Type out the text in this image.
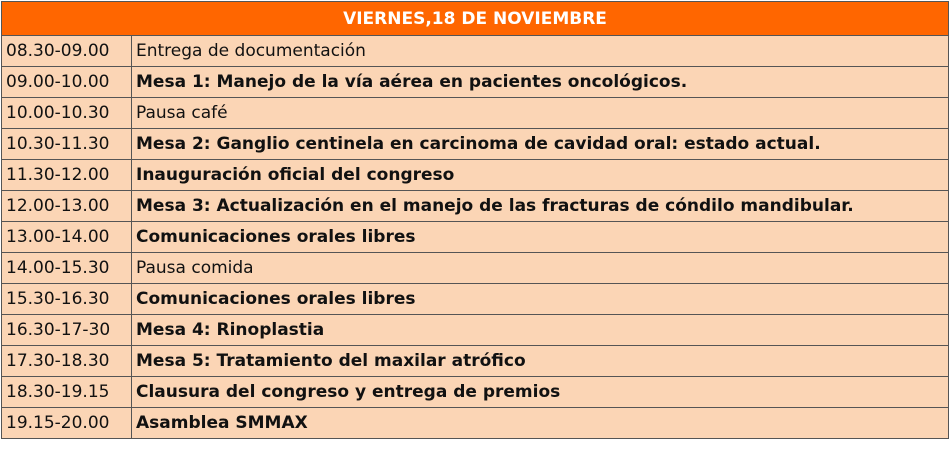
VIERNES,18 DE NOVIEMBRE	
08.30-09.00	Entrega de documentación
09.00-10.00	Mesa 1: Manejo de la vía aérea en pacientes oncológicos.
10.00-10.30	Pausa café
10.30-11.30	Mesa 2: Ganglio centinela en carcinoma de cavidad oral: estado actual.
11.30-12.00	Inauguración oficial del congreso
12.00-13.00	Mesa 3: Actualización en el manejo de las fracturas de cóndilo mandibular.
13.00-14.00	Comunicaciones orales libres
14.00-15.30	Pausa comida
15.30-16.30	Comunicaciones orales libres
16.30-17-30	Mesa 4: Rinoplastia
17.30-18.30	Mesa 5: Tratamiento del maxilar atrófico
18.30-19.15	Clausura del congreso y entrega de premios
19.15-20.00	Asamblea SMMAX
